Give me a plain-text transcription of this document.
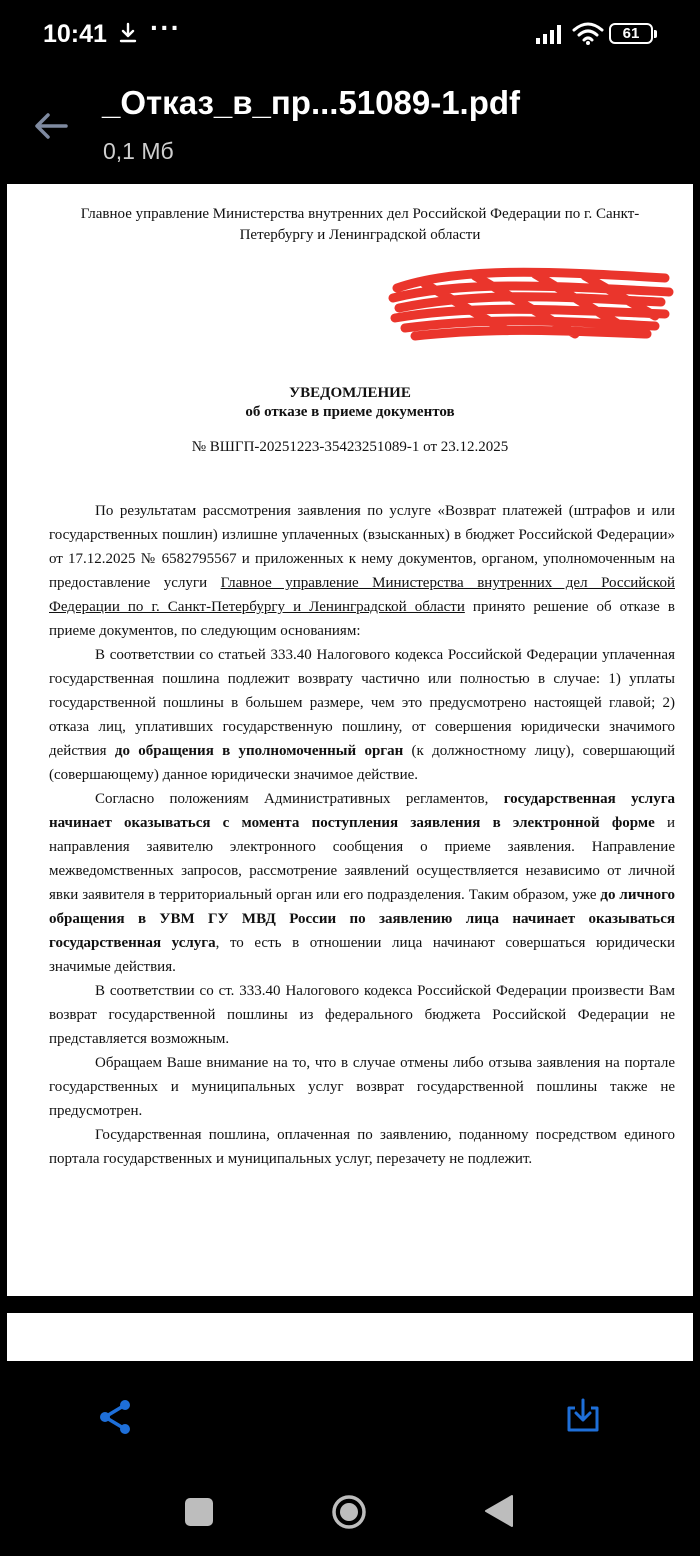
10:41 ···	61
_Отказ_в_пр...51089-1.pdf
0,1 Мб
Главное управление Министерства внутренних дел Российской Федерации по г. Санкт-Петербургу и Ленинградской области
УВЕДОМЛЕНИЕ
об отказе в приеме документов
№ ВШГП-20251223-35423251089-1 от 23.12.2025

По результатам рассмотрения заявления по услуге «Возврат платежей (штрафов и или государственных пошлин) излишне уплаченных (взысканных) в бюджет Российской Федерации» от 17.12.2025 № 6582795567 и приложенных к нему документов, органом, уполномоченным на предоставление услуги Главное управление Министерства внутренних дел Российской Федерации по г. Санкт-Петербургу и Ленинградской области принято решение об отказе в приеме документов, по следующим основаниям:

В соответствии со статьей 333.40 Налогового кодекса Российской Федерации уплаченная государственная пошлина подлежит возврату частично или полностью в случае: 1) уплаты государственной пошлины в большем размере, чем это предусмотрено настоящей главой; 2) отказа лиц, уплативших государственную пошлину, от совершения юридически значимого действия до обращения в уполномоченный орган (к должностному лицу), совершающий (совершающему) данное юридически значимое действие.

Согласно положениям Административных регламентов, государственная услуга начинает оказываться с момента поступления заявления в электронной форме и направления заявителю электронного сообщения о приеме заявления. Направление межведомственных запросов, рассмотрение заявлений осуществляется независимо от личной явки заявителя в территориальный орган или его подразделения. Таким образом, уже до личного обращения в УВМ ГУ МВД России по заявлению лица начинает оказываться государственная услуга, то есть в отношении лица начинают совершаться юридически значимые действия.

В соответствии со ст. 333.40 Налогового кодекса Российской Федерации произвести Вам возврат государственной пошлины из федерального бюджета Российской Федерации не представляется возможным.

Обращаем Ваше внимание на то, что в случае отмены либо отзыва заявления на портале государственных и муниципальных услуг возврат государственной пошлины также не предусмотрен.

Государственная пошлина, оплаченная по заявлению, поданному посредством единого портала государственных и муниципальных услуг, перезачету не подлежит.
